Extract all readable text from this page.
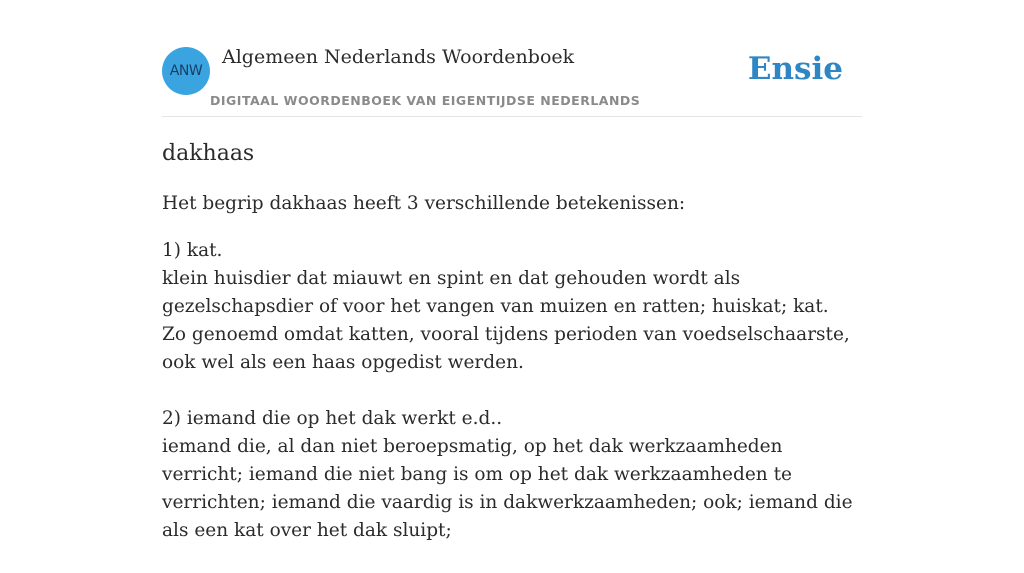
ANW
Algemeen Nederlands Woordenboek
DIGITAAL WOORDENBOEK VAN EIGENTIJDSE NEDERLANDS
Ensie
dakhaas

Het begrip dakhaas heeft 3 verschillende betekenissen:

1) kat.
klein huisdier dat miauwt en spint en dat gehouden wordt als gezelschapsdier of voor het vangen van muizen en ratten; huiskat; kat.
Zo genoemd omdat katten, vooral tijdens perioden van voedselschaarste, ook wel als een haas opgedist werden.
2) iemand die op het dak werkt e.d..
iemand die, al dan niet beroepsmatig, op het dak werkzaamheden verricht; iemand die niet bang is om op het dak werkzaamheden te verrichten; iemand die vaardig is in dakwerkzaamheden; ook; iemand die als een kat over het dak sluipt;
